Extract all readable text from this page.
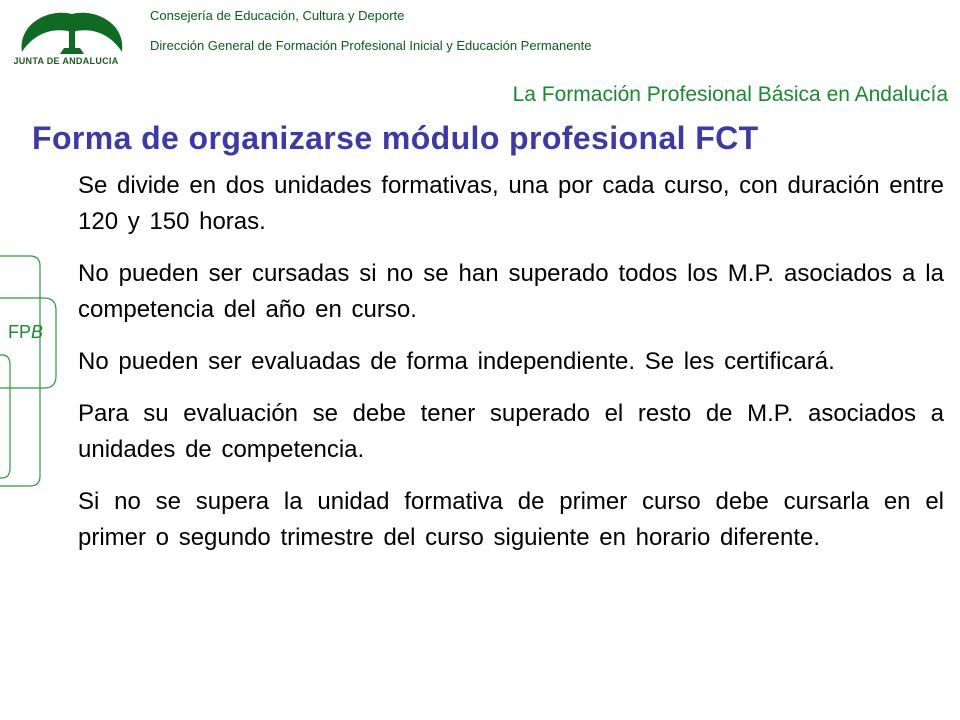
JUNTA DE ANDALUCIA
Consejería de Educación, Cultura y Deporte
Dirección General de Formación Profesional Inicial y Educación Permanente
La Formación Profesional Básica en Andalucía
Forma de organizarse módulo profesional FCT
FPB

Se divide en dos unidades formativas, una por cada curso, con duración entre 120 y 150 horas.

No pueden ser cursadas si no se han superado todos los M.P. asociados a la competencia del año en curso.

No pueden ser evaluadas de forma independiente. Se les certificará.

Para su evaluación se debe tener superado el resto de M.P. asociados a unidades de competencia.

Si no se supera la unidad formativa de primer curso debe cursarla en el primer o segundo trimestre del curso siguiente en horario diferente.
